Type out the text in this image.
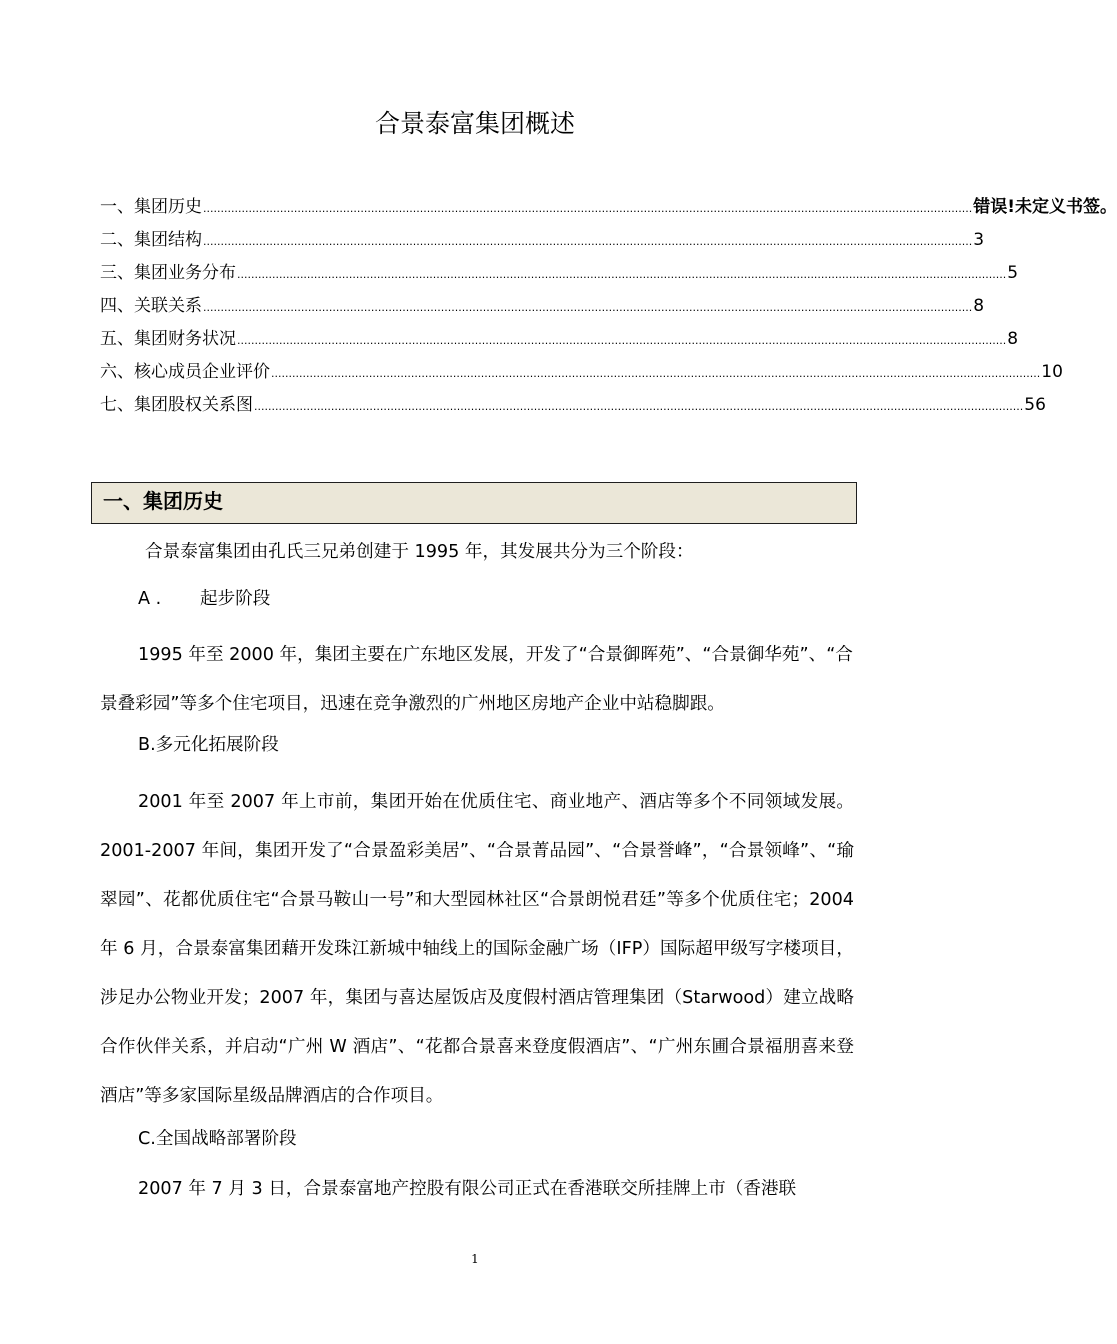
合景泰富集团概述
一、集团历史 ............................................................................................................................................................................................................................ 错误!未定义书签。
二、集团结构 ............................................................................................................................................................................................................................ 3
三、集团业务分布 ............................................................................................................................................................................................................................ 5
四、关联关系 ............................................................................................................................................................................................................................ 8
五、集团财务状况 ............................................................................................................................................................................................................................ 8
六、核心成员企业评价 ............................................................................................................................................................................................................................ 10
七、集团股权关系图 ............................................................................................................................................................................................................................ 56
一、集团历史

合景泰富集团由孔氏三兄弟创建于 1995 年，其发展共分为三个阶段：

A . 起步阶段

1995 年至 2000 年，集团主要在广东地区发展，开发了“合景御晖苑”、“合景御华苑”、“合景叠彩园”等多个住宅项目，迅速在竞争激烈的广州地区房地产企业中站稳脚跟。

B.多元化拓展阶段

2001 年至 2007 年上市前，集团开始在优质住宅、商业地产、酒店等多个不同领域发展。2001-2007 年间，集团开发了“合景盈彩美居”、“合景菁品园”、“合景誉峰”，“合景领峰”、“瑜翠园”、花都优质住宅“合景马鞍山一号”和大型园林社区“合景朗悦君廷”等多个优质住宅；2004 年 6 月，合景泰富集团藉开发珠江新城中轴线上的国际金融广场（IFP）国际超甲级写字楼项目，涉足办公物业开发；2007 年，集团与喜达屋饭店及度假村酒店管理集团（Starwood）建立战略合作伙伴关系，并启动“广州 W 酒店”、“花都合景喜来登度假酒店”、“广州东圃合景福朋喜来登酒店”等多家国际星级品牌酒店的合作项目。

C.全国战略部署阶段

2007 年 7 月 3 日，合景泰富地产控股有限公司正式在香港联交所挂牌上市（香港联

1
